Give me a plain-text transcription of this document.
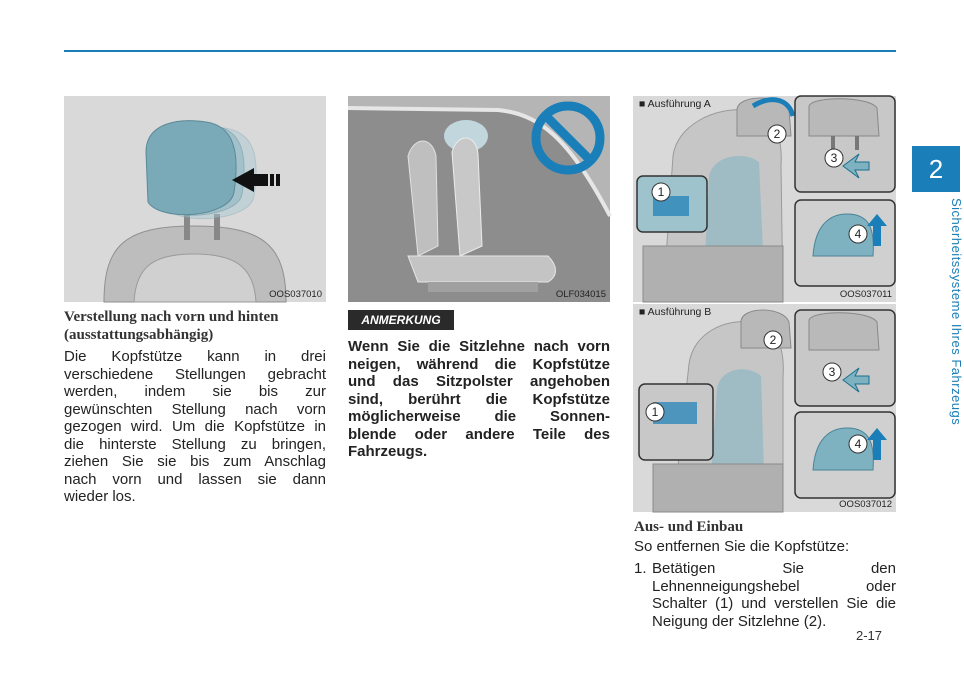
2
Sicherheitssysteme Ihres Fahrzeugs
2-17
OOS037010	OLF034015
2
3
1
4
■ Ausführung A
OOS037011
2
3
1
4
■ Ausführung B
OOS037012
Verstellung nach vorn und hinten
(ausstattungsabhängig)
Die Kopfstütze kann in drei
verschiedene Stellungen gebracht
werden, indem sie bis zur
gewünschten Stellung nach vorn
gezogen wird. Um die Kopfstütze in
die hinterste Stellung zu bringen,
ziehen Sie sie bis zum Anschlag
nach vorn und lassen sie dann
wieder los.
ANMERKUNG
Wenn Sie die Sitzlehne nach vorn
neigen, während die Kopfstütze
und das Sitzpolster angehoben
sind, berührt die Kopfstütze
möglicherweise die Sonnen-
blende oder andere Teile des
Fahrzeugs.
Aus- und Einbau
So entfernen Sie die Kopfstütze:
1. Betätigen Sie den
Lehnenneigungshebel oder
Schalter (1) und verstellen Sie die
Neigung der Sitzlehne (2).
